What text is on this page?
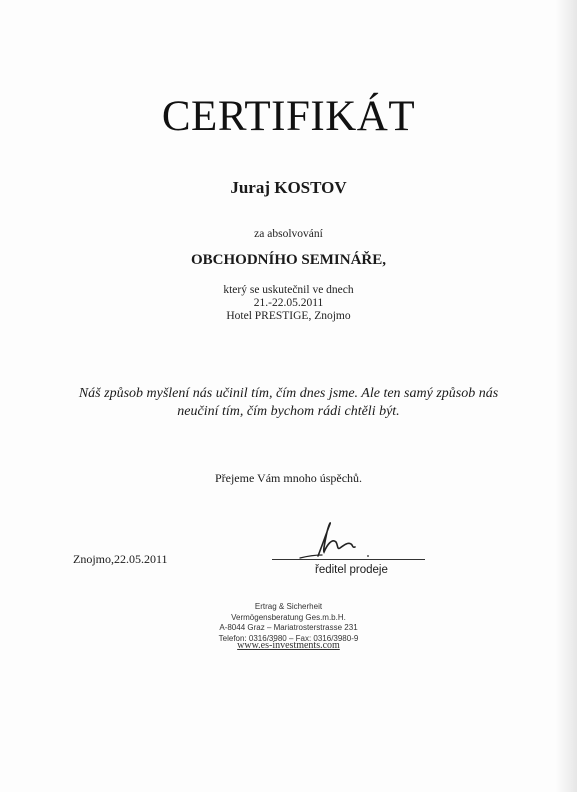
CERTIFIKÁT
Juraj KOSTOV
za absolvování
OBCHODNÍHO SEMINÁŘE,
který se uskutečnil ve dnech
21.-22.05.2011
Hotel PRESTIGE, Znojmo
Náš způsob myšlení nás učinil tím, čím dnes jsme. Ale ten samý způsob nás
neučiní tím, čím bychom rádi chtěli být.
Přejeme Vám mnoho úspěchů.
Znojmo,22.05.2011
ředitel prodeje
Ertrag & Sicherheit
Vermögensberatung Ges.m.b.H.
A-8044 Graz – Mariatrosterstrasse 231
Telefon: 0316/3980 – Fax: 0316/3980-9
www.es-investments.com
